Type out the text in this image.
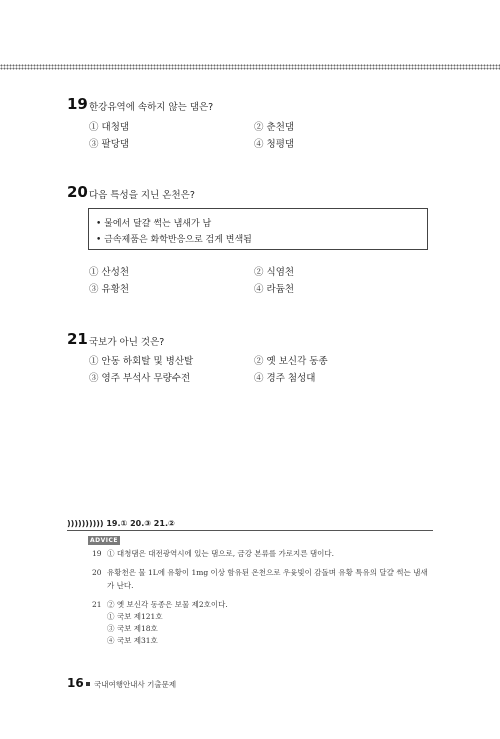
19 한강유역에 속하지 않는 댐은?
① 대청댐	② 춘천댐
③ 팔당댐	④ 청평댐
20 다음 특성을 지닌 온천은?
• 물에서 달걀 썩는 냄새가 남
• 금속제품은 화학반응으로 검게 변색됨
① 산성천	② 식염천
③ 유황천	④ 라듐천
21 국보가 아닌 것은?
① 안동 하회탈 및 병산탈	② 옛 보신각 동종
③ 영주 부석사 무량수전	④ 경주 첨성대
)))))))))) 19.① 20.③ 21.②
ADVICE
19 ① 대청댐은 대전광역시에 있는 댐으로, 금강 본류를 가로지른 댐이다.
20 유황천은 물 1L에 유황이 1mg 이상 함유된 온천으로 우윳빛이 감돌며 유황 특유의 달걀 썩는 냄새
가 난다.
21 ② 옛 보신각 동종은 보물 제2호이다.
① 국보 제121호
③ 국보 제18호
④ 국보 제31호
16 국내여행안내사 기출문제
